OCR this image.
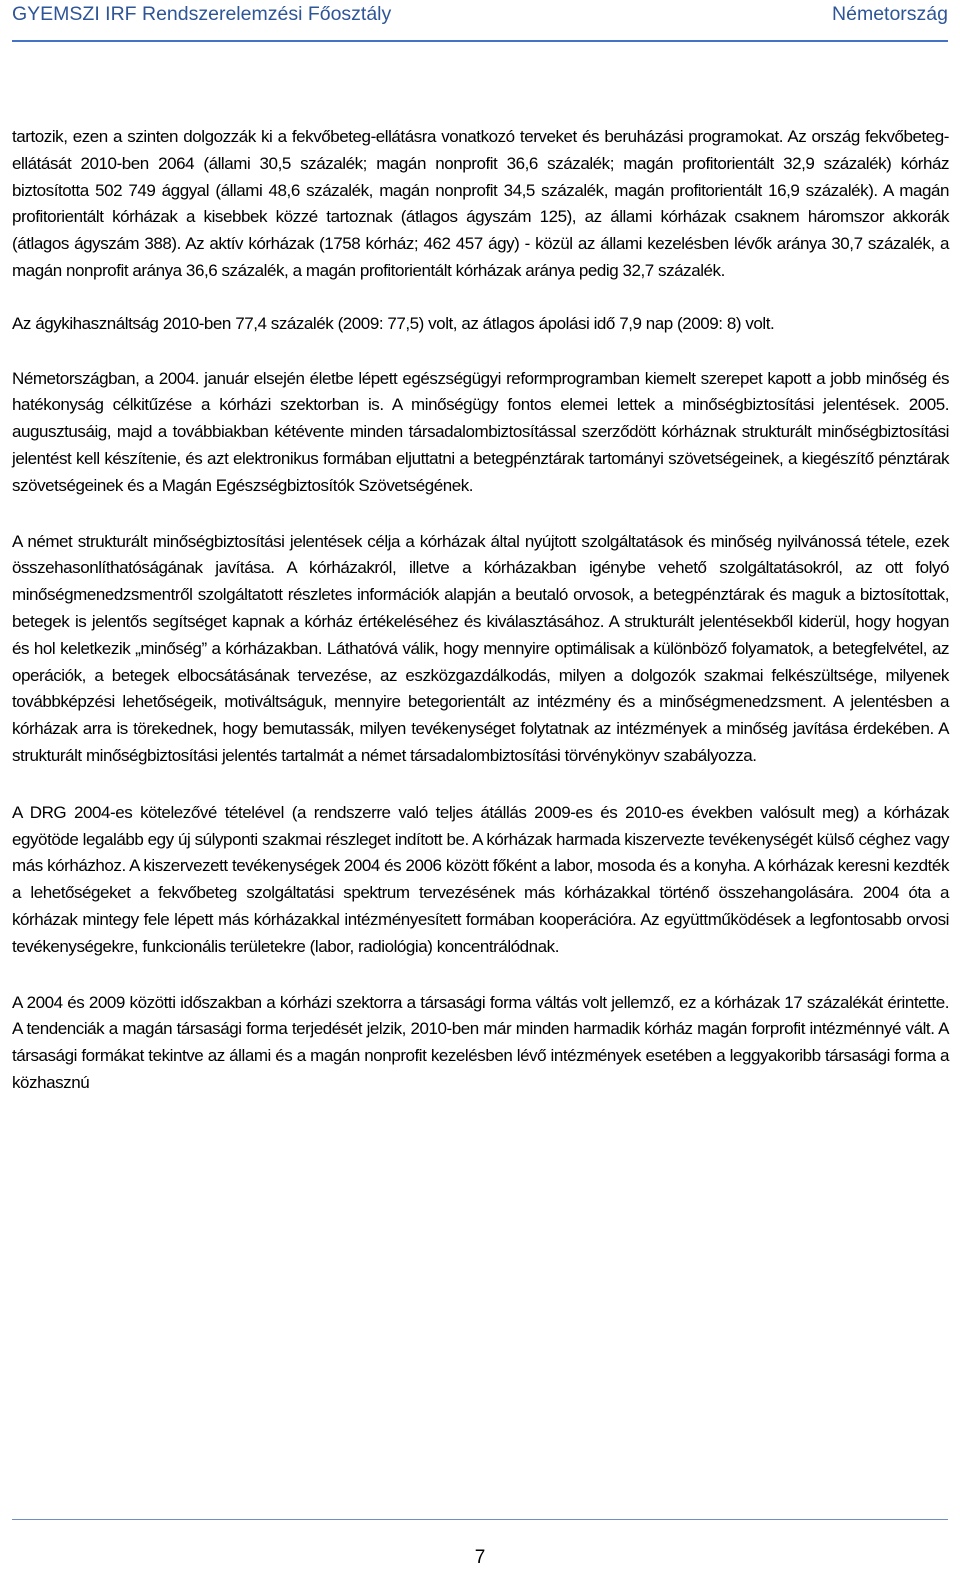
GYEMSZI IRF Rendszerelemzési Főosztály	Németország

tartozik, ezen a szinten dolgozzák ki a fekvőbeteg-ellátásra vonatkozó terveket és beruházási programokat. Az ország fekvőbeteg-ellátását 2010-ben 2064 (állami 30,5 százalék; magán nonprofit 36,6 százalék; magán profitorientált 32,9 százalék) kórház biztosította 502 749 ággyal (állami 48,6 százalék, magán nonprofit 34,5 százalék, magán profitorientált 16,9 százalék). A magán profitorientált kórházak a kisebbek közzé tartoznak (átlagos ágyszám 125), az állami kórházak csaknem háromszor akkorák (átlagos ágyszám 388). Az aktív kórházak (1758 kórház; 462 457 ágy) - közül az állami kezelésben lévők aránya 30,7 százalék, a magán nonprofit aránya 36,6 százalék, a magán profitorientált kórházak aránya pedig 32,7 százalék.

Az ágykihasználtság 2010-ben 77,4 százalék (2009: 77,5) volt, az átlagos ápolási idő 7,9 nap (2009: 8) volt.

Németországban, a 2004. január elsején életbe lépett egészségügyi reformprogramban kiemelt szerepet kapott a jobb minőség és hatékonyság célkitűzése a kórházi szektorban is. A minőségügy fontos elemei lettek a minőségbiztosítási jelentések. 2005. augusztusáig, majd a továbbiakban kétévente minden társadalombiztosítással szerződött kórháznak strukturált minőségbiztosítási jelentést kell készítenie, és azt elektronikus formában eljuttatni a betegpénztárak tartományi szövetségeinek, a kiegészítő pénztárak szövetségeinek és a Magán Egészségbiztosítók Szövetségének.

A német strukturált minőségbiztosítási jelentések célja a kórházak által nyújtott szolgáltatások és minőség nyilvánossá tétele, ezek összehasonlíthatóságának javítása. A kórházakról, illetve a kórházakban igénybe vehető szolgáltatásokról, az ott folyó minőségmenedzsmentről szolgáltatott részletes információk alapján a beutaló orvosok, a betegpénztárak és maguk a biztosítottak, betegek is jelentős segítséget kapnak a kórház értékeléséhez és kiválasztásához. A strukturált jelentésekből kiderül, hogy hogyan és hol keletkezik „minőség” a kórházakban. Láthatóvá válik, hogy mennyire optimálisak a különböző folyamatok, a betegfelvétel, az operációk, a betegek elbocsátásának tervezése, az eszközgazdálkodás, milyen a dolgozók szakmai felkészültsége, milyenek továbbképzési lehetőségeik, motiváltságuk, mennyire betegorientált az intézmény és a minőségmenedzsment. A jelentésben a kórházak arra is törekednek, hogy bemutassák, milyen tevékenységet folytatnak az intézmények a minőség javítása érdekében. A strukturált minőségbiztosítási jelentés tartalmát a német társadalombiztosítási törvénykönyv szabályozza.

A DRG 2004-es kötelezővé tételével (a rendszerre való teljes átállás 2009-es és 2010-es években valósult meg) a kórházak egyötöde legalább egy új súlyponti szakmai részleget indított be. A kórházak harmada kiszervezte tevékenységét külső céghez vagy más kórházhoz. A kiszervezett tevékenységek 2004 és 2006 között főként a labor, mosoda és a konyha. A kórházak keresni kezdték a lehetőségeket a fekvőbeteg szolgáltatási spektrum tervezésének más kórházakkal történő összehangolására. 2004 óta a kórházak mintegy fele lépett más kórházakkal intézményesített formában kooperációra. Az együttműködések a legfontosabb orvosi tevékenységekre, funkcionális területekre (labor, radiológia) koncentrálódnak.

A 2004 és 2009 közötti időszakban a kórházi szektorra a társasági forma váltás volt jellemző, ez a kórházak 17 százalékát érintette. A tendenciák a magán társasági forma terjedését jelzik, 2010-ben már minden harmadik kórház magán forprofit intézménnyé vált. A társasági formákat tekintve az állami és a magán nonprofit kezelésben lévő intézmények esetében a leggyakoribb társasági forma a közhasznú

7
